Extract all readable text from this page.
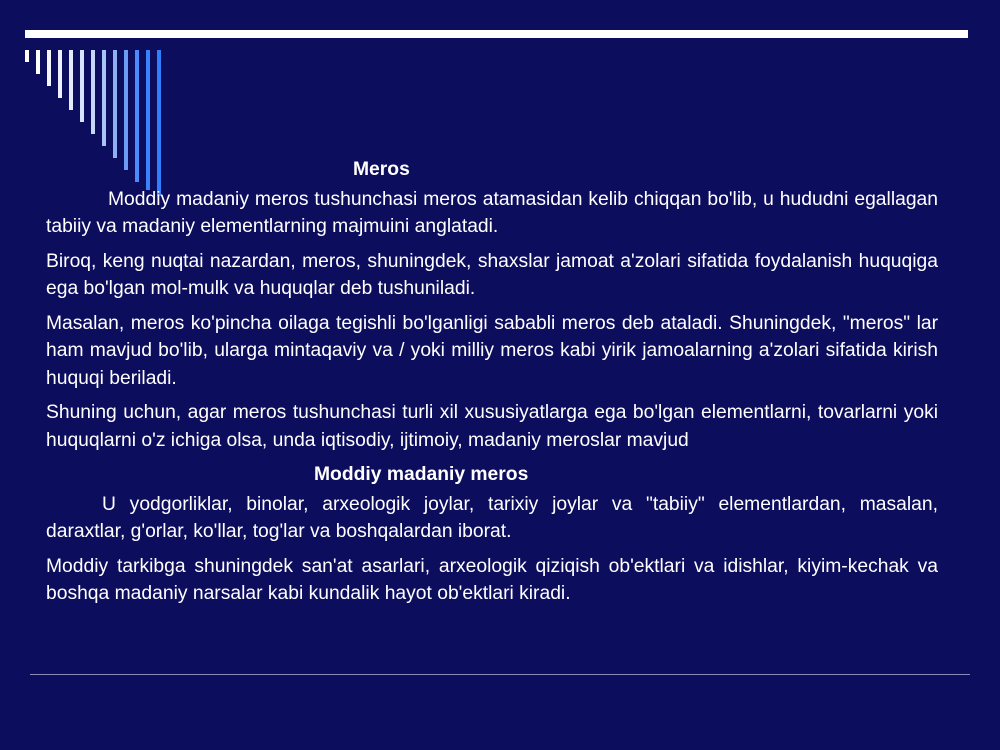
Meros

Moddiy madaniy meros tushunchasi meros atamasidan kelib chiqqan bo'lib, u hududni egallagan tabiiy va madaniy elementlarning majmuini anglatadi.

Biroq, keng nuqtai nazardan, meros, shuningdek, shaxslar jamoat a'zolari sifatida foydalanish huquqiga ega bo'lgan mol-mulk va huquqlar deb tushuniladi.

Masalan, meros ko'pincha oilaga tegishli bo'lganligi sababli meros deb ataladi. Shuningdek, "meros" lar ham mavjud bo'lib, ularga mintaqaviy va / yoki milliy meros kabi yirik jamoalarning a'zolari sifatida kirish huquqi beriladi.

Shuning uchun, agar meros tushunchasi turli xil xususiyatlarga ega bo'lgan elementlarni, tovarlarni yoki huquqlarni o'z ichiga olsa, unda iqtisodiy, ijtimoiy, madaniy meroslar mavjud

Moddiy madaniy meros

U yodgorliklar, binolar, arxeologik joylar, tarixiy joylar va "tabiiy" elementlardan, masalan, daraxtlar, g'orlar, ko'llar, tog'lar va boshqalardan iborat.

Moddiy tarkibga shuningdek san'at asarlari, arxeologik qiziqish ob'ektlari va idishlar, kiyim-kechak va boshqa madaniy narsalar kabi kundalik hayot ob'ektlari kiradi.
